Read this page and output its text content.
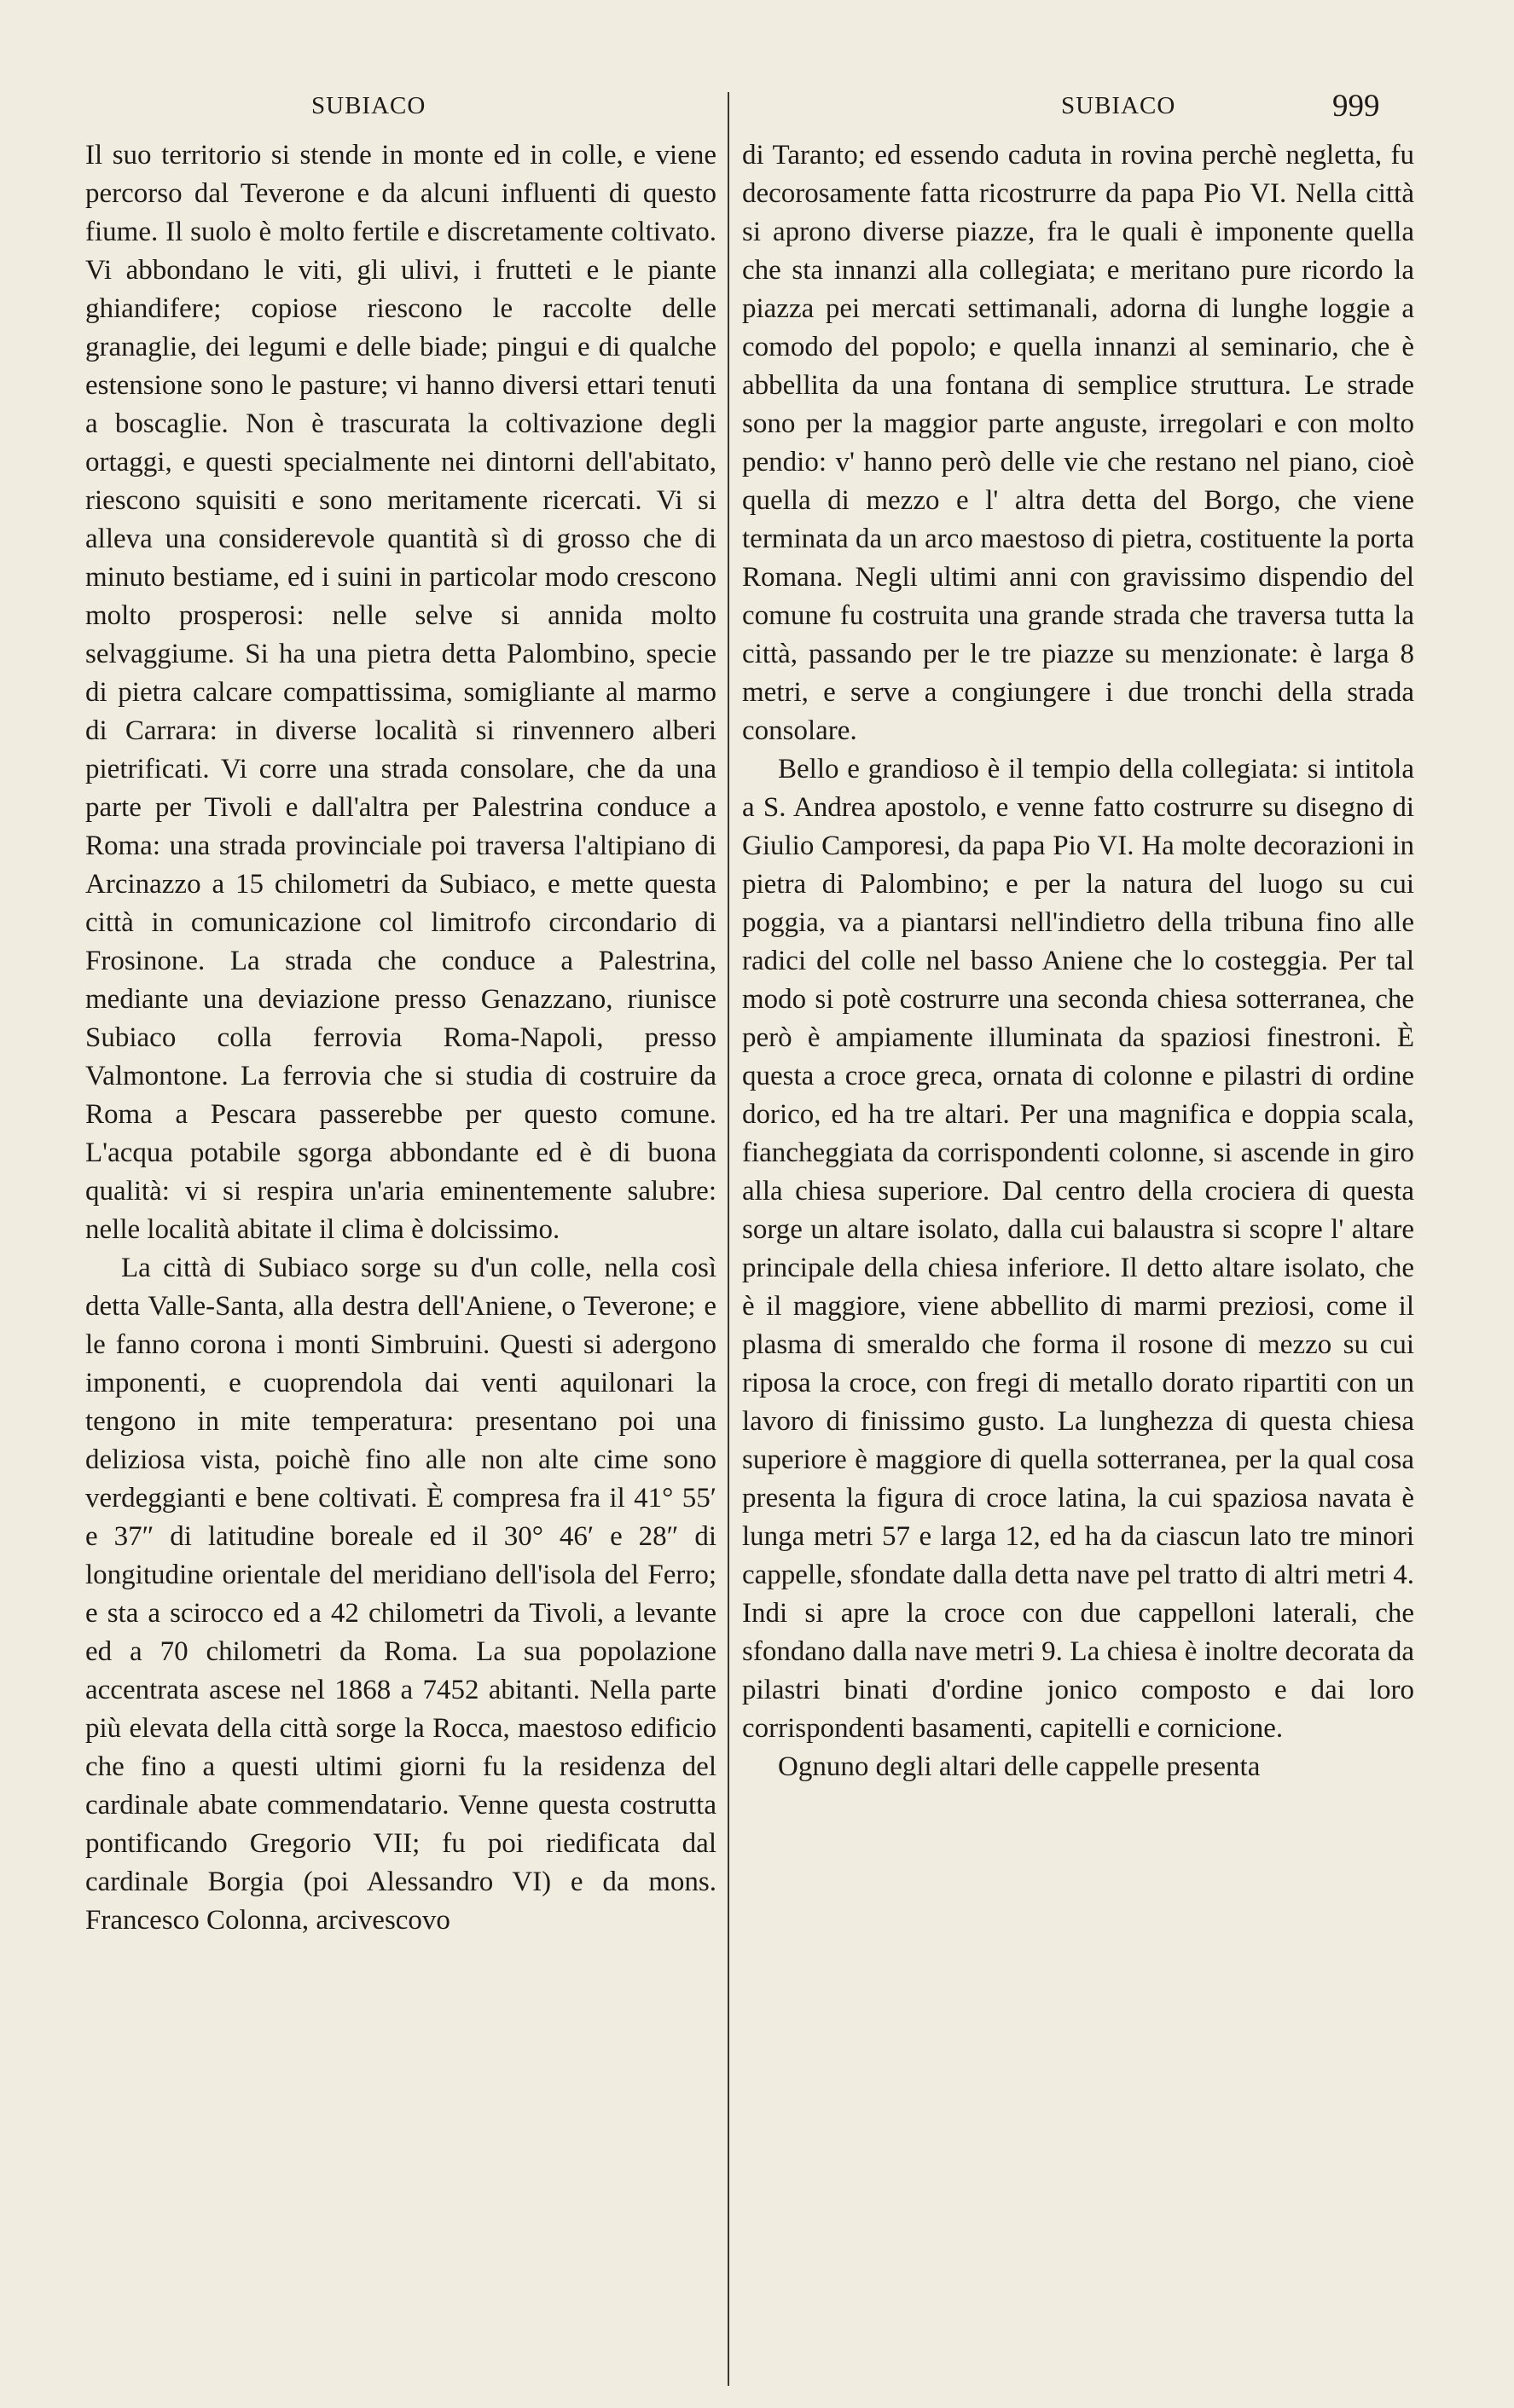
SUBIACO	SUBIACO	999

Il suo territorio si stende in monte ed in colle, e viene percorso dal Teverone e da alcuni influenti di questo fiume. Il suolo è molto fertile e discretamente coltivato. Vi abbondano le viti, gli ulivi, i frutteti e le piante ghiandifere; copiose riescono le raccolte delle granaglie, dei legumi e delle biade; pingui e di qualche estensione sono le pasture; vi hanno diversi ettari tenuti a boscaglie. Non è trascurata la coltivazione degli ortaggi, e questi specialmente nei dintorni dell'abitato, riescono squisiti e sono meritamente ricercati. Vi si alleva una considerevole quantità sì di grosso che di minuto bestiame, ed i suini in particolar modo crescono molto prosperosi: nelle selve si annida molto selvaggiume. Si ha una pietra detta Palombino, specie di pietra calcare compattissima, somigliante al marmo di Carrara: in diverse località si rinvennero alberi pietrificati. Vi corre una strada consolare, che da una parte per Tivoli e dall'altra per Palestrina conduce a Roma: una strada provinciale poi traversa l'altipiano di Arcinazzo a 15 chilometri da Subiaco, e mette questa città in comunicazione col limitrofo circondario di Frosinone. La strada che conduce a Palestrina, mediante una deviazione presso Genazzano, riunisce Subiaco colla ferrovia Roma-Napoli, presso Valmontone. La ferrovia che si studia di costruire da Roma a Pescara passerebbe per questo comune. L'acqua potabile sgorga abbondante ed è di buona qualità: vi si respira un'aria eminentemente salubre: nelle località abitate il clima è dolcissimo.

La città di Subiaco sorge su d'un colle, nella così detta Valle-Santa, alla destra dell'Aniene, o Teverone; e le fanno corona i monti Simbruini. Questi si adergono imponenti, e cuoprendola dai venti aquilonari la tengono in mite temperatura: presentano poi una deliziosa vista, poichè fino alle non alte cime sono verdeggianti e bene coltivati. È compresa fra il 41° 55′ e 37″ di latitudine boreale ed il 30° 46′ e 28″ di longitudine orientale del meridiano dell'isola del Ferro; e sta a scirocco ed a 42 chilometri da Tivoli, a levante ed a 70 chilometri da Roma. La sua popolazione accentrata ascese nel 1868 a 7452 abitanti. Nella parte più elevata della città sorge la Rocca, maestoso edificio che fino a questi ultimi giorni fu la residenza del cardinale abate commendatario. Venne questa costrutta pontificando Gregorio VII; fu poi riedificata dal cardinale Borgia (poi Alessandro VI) e da mons. Francesco Colonna, arcivescovo

di Taranto; ed essendo caduta in rovina perchè negletta, fu decorosamente fatta ricostrurre da papa Pio VI. Nella città si aprono diverse piazze, fra le quali è imponente quella che sta innanzi alla collegiata; e meritano pure ricordo la piazza pei mercati settimanali, adorna di lunghe loggie a comodo del popolo; e quella innanzi al seminario, che è abbellita da una fontana di semplice struttura. Le strade sono per la maggior parte anguste, irregolari e con molto pendio: v' hanno però delle vie che restano nel piano, cioè quella di mezzo e l' altra detta del Borgo, che viene terminata da un arco maestoso di pietra, costituente la porta Romana. Negli ultimi anni con gravissimo dispendio del comune fu costruita una grande strada che traversa tutta la città, passando per le tre piazze su menzionate: è larga 8 metri, e serve a congiungere i due tronchi della strada consolare.

Bello e grandioso è il tempio della collegiata: si intitola a S. Andrea apostolo, e venne fatto costrurre su disegno di Giulio Camporesi, da papa Pio VI. Ha molte decorazioni in pietra di Palombino; e per la natura del luogo su cui poggia, va a piantarsi nell'indietro della tribuna fino alle radici del colle nel basso Aniene che lo costeggia. Per tal modo si potè costrurre una seconda chiesa sotterranea, che però è ampiamente illuminata da spaziosi finestroni. È questa a croce greca, ornata di colonne e pilastri di ordine dorico, ed ha tre altari. Per una magnifica e doppia scala, fiancheggiata da corrispondenti colonne, si ascende in giro alla chiesa superiore. Dal centro della crociera di questa sorge un altare isolato, dalla cui balaustra si scopre l' altare principale della chiesa inferiore. Il detto altare isolato, che è il maggiore, viene abbellito di marmi preziosi, come il plasma di smeraldo che forma il rosone di mezzo su cui riposa la croce, con fregi di metallo dorato ripartiti con un lavoro di finissimo gusto. La lunghezza di questa chiesa superiore è maggiore di quella sotterranea, per la qual cosa presenta la figura di croce latina, la cui spaziosa navata è lunga metri 57 e larga 12, ed ha da ciascun lato tre minori cappelle, sfondate dalla detta nave pel tratto di altri metri 4. Indi si apre la croce con due cappelloni laterali, che sfondano dalla nave metri 9. La chiesa è inoltre decorata da pilastri binati d'ordine jonico composto e dai loro corrispondenti basamenti, capitelli e cornicione.

Ognuno degli altari delle cappelle presenta
